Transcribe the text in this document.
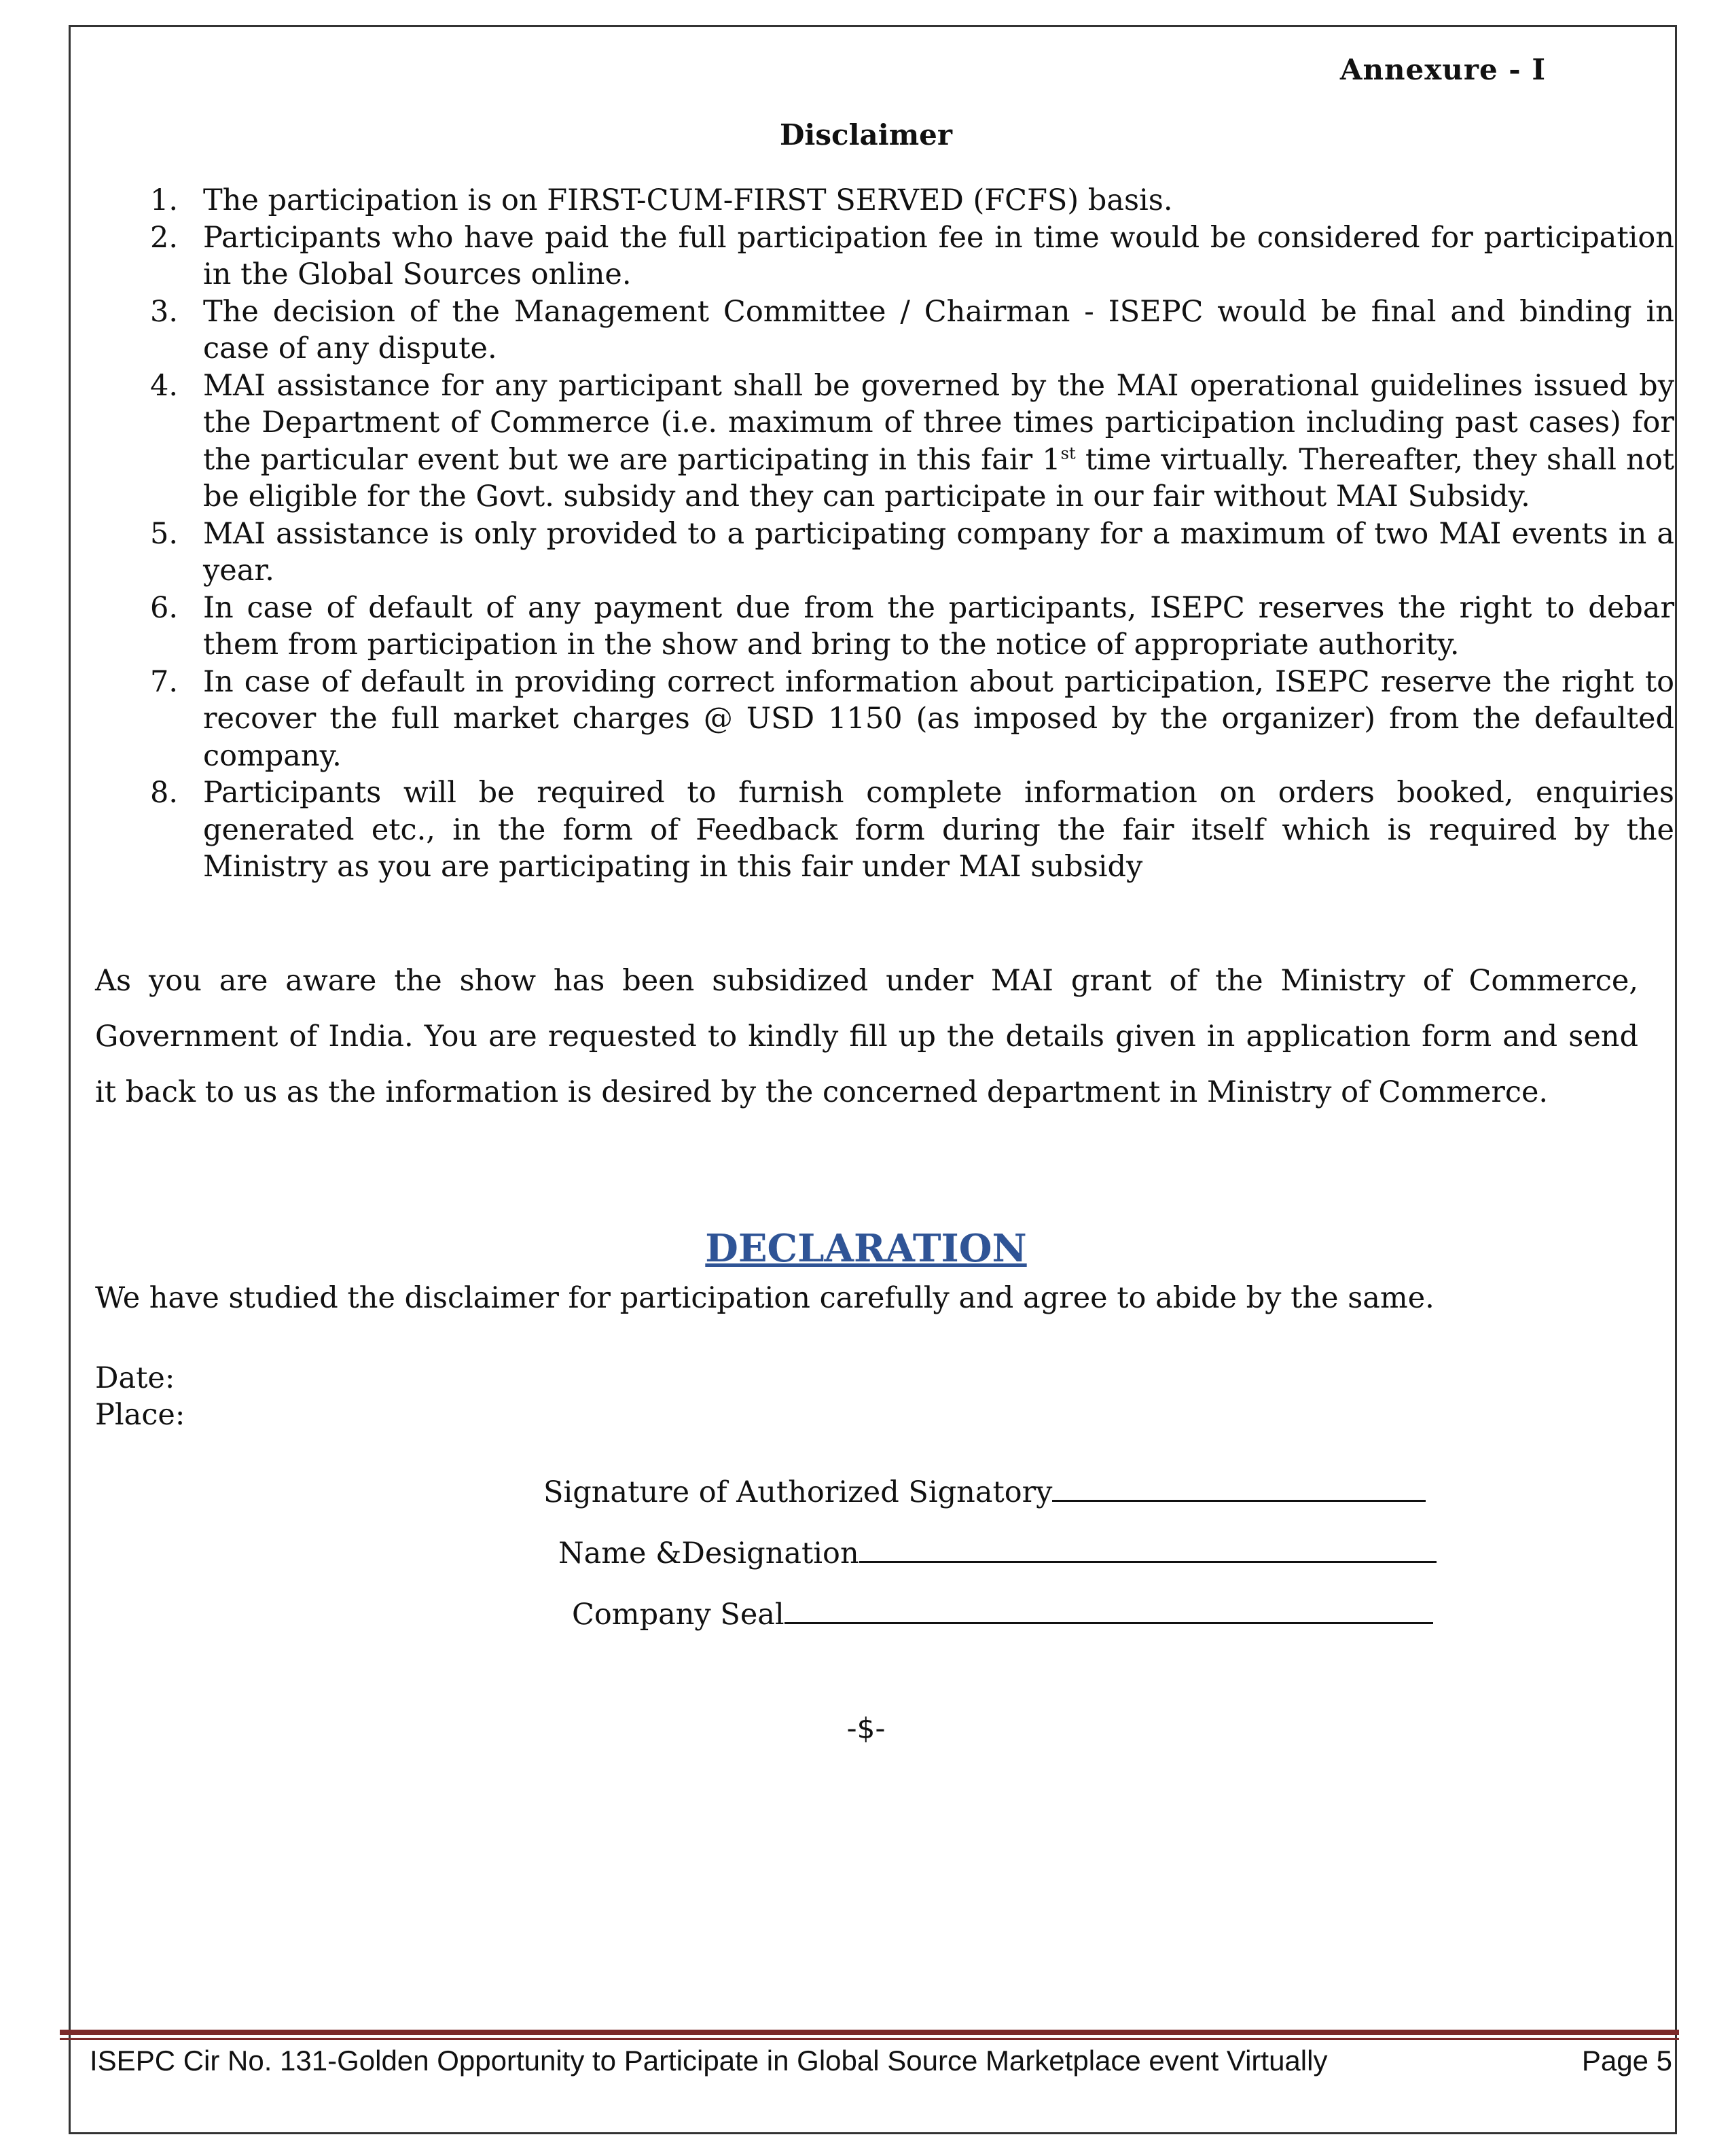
Annexure - I
Disclaimer
1. The participation is on FIRST-CUM-FIRST SERVED (FCFS) basis.
2. Participants who have paid the full participation fee in time would be considered for participation in the Global Sources online.
3. The decision of the Management Committee / Chairman - ISEPC would be final and binding in case of any dispute.
4. MAI assistance for any participant shall be governed by the MAI operational guidelines issued by the Department of Commerce (i.e. maximum of three times participation including past cases) for the particular event but we are participating in this fair 1st time virtually. Thereafter, they shall not be eligible for the Govt. subsidy and they can participate in our fair without MAI Subsidy.
5. MAI assistance is only provided to a participating company for a maximum of two MAI events in a year.
6. In case of default of any payment due from the participants, ISEPC reserves the right to debar them from participation in the show and bring to the notice of appropriate authority.
7. In case of default in providing correct information about participation, ISEPC reserve the right to recover the full market charges @ USD 1150 (as imposed by the organizer) from the defaulted company.
8. Participants will be required to furnish complete information on orders booked, enquiries generated etc., in the form of Feedback form during the fair itself which is required by the Ministry as you are participating in this fair under MAI subsidy
As you are aware the show has been subsidized under MAI grant of the Ministry of Commerce, Government of India. You are requested to kindly fill up the details given in application form and send it back to us as the information is desired by the concerned department in Ministry of Commerce.
DECLARATION
We have studied the disclaimer for participation carefully and agree to abide by the same.
Date:
Place:
Signature of Authorized Signatory
Name &Designation
Company Seal
-$-
ISEPC Cir No. 131-Golden Opportunity to Participate in Global Source Marketplace event Virtually	Page 5
